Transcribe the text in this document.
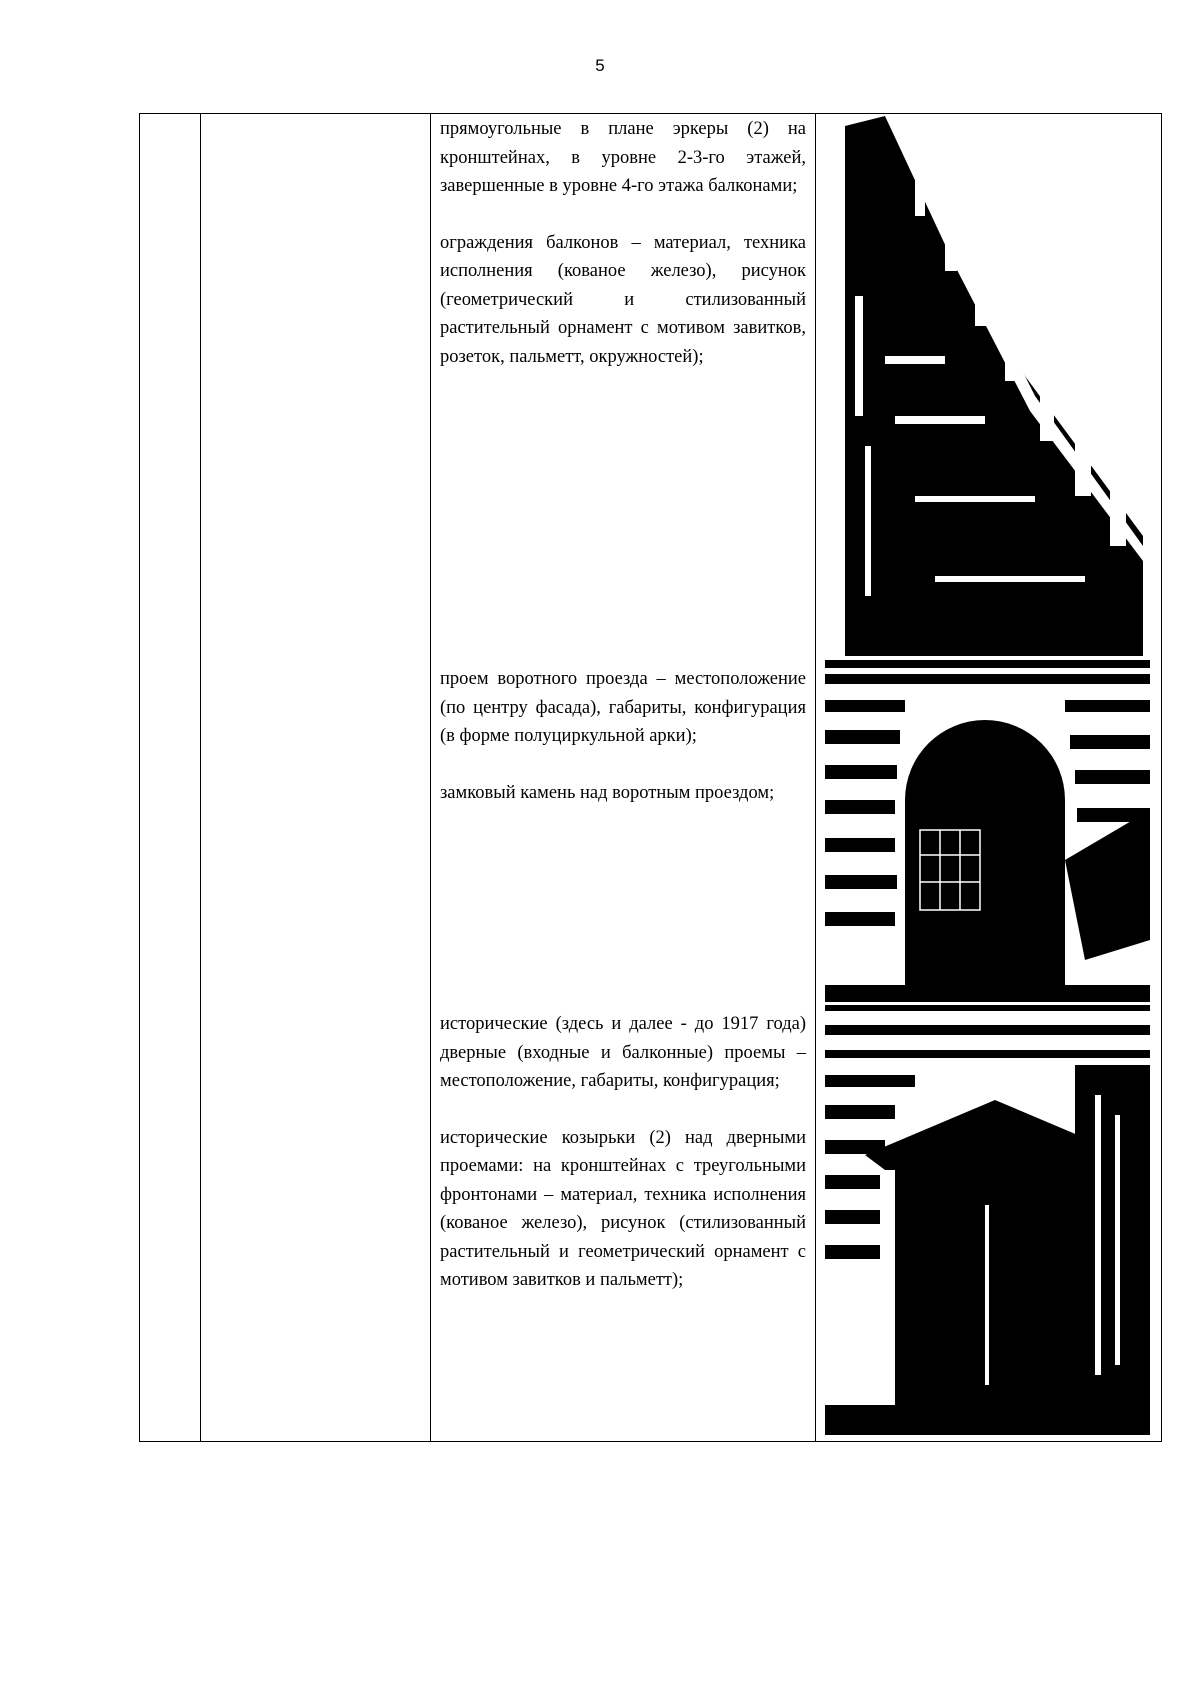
5

прямоугольные в плане эркеры (2) на кронштейнах, в уровне 2-3-го этажей, завершенные в уровне 4-го этажа балконами;

ограждения балконов – материал, техника исполнения (кованое железо), рисунок (геометрический и стилизованный растительный орнамент с мотивом завитков, розеток, пальметт, окружностей);

проем воротного проезда – местоположение (по центру фасада), габариты, конфигурация (в форме полуциркульной арки);

замковый камень над воротным проездом;

исторические (здесь и далее - до 1917 года) дверные (входные и балконные) проемы – местоположение, габариты, конфигурация;

исторические козырьки (2) над дверными проемами: на кронштейнах с треугольными фронтонами – материал, техника исполнения (кованое железо), рисунок (стилизованный растительный и геометрический орнамент с мотивом завитков и пальметт);
